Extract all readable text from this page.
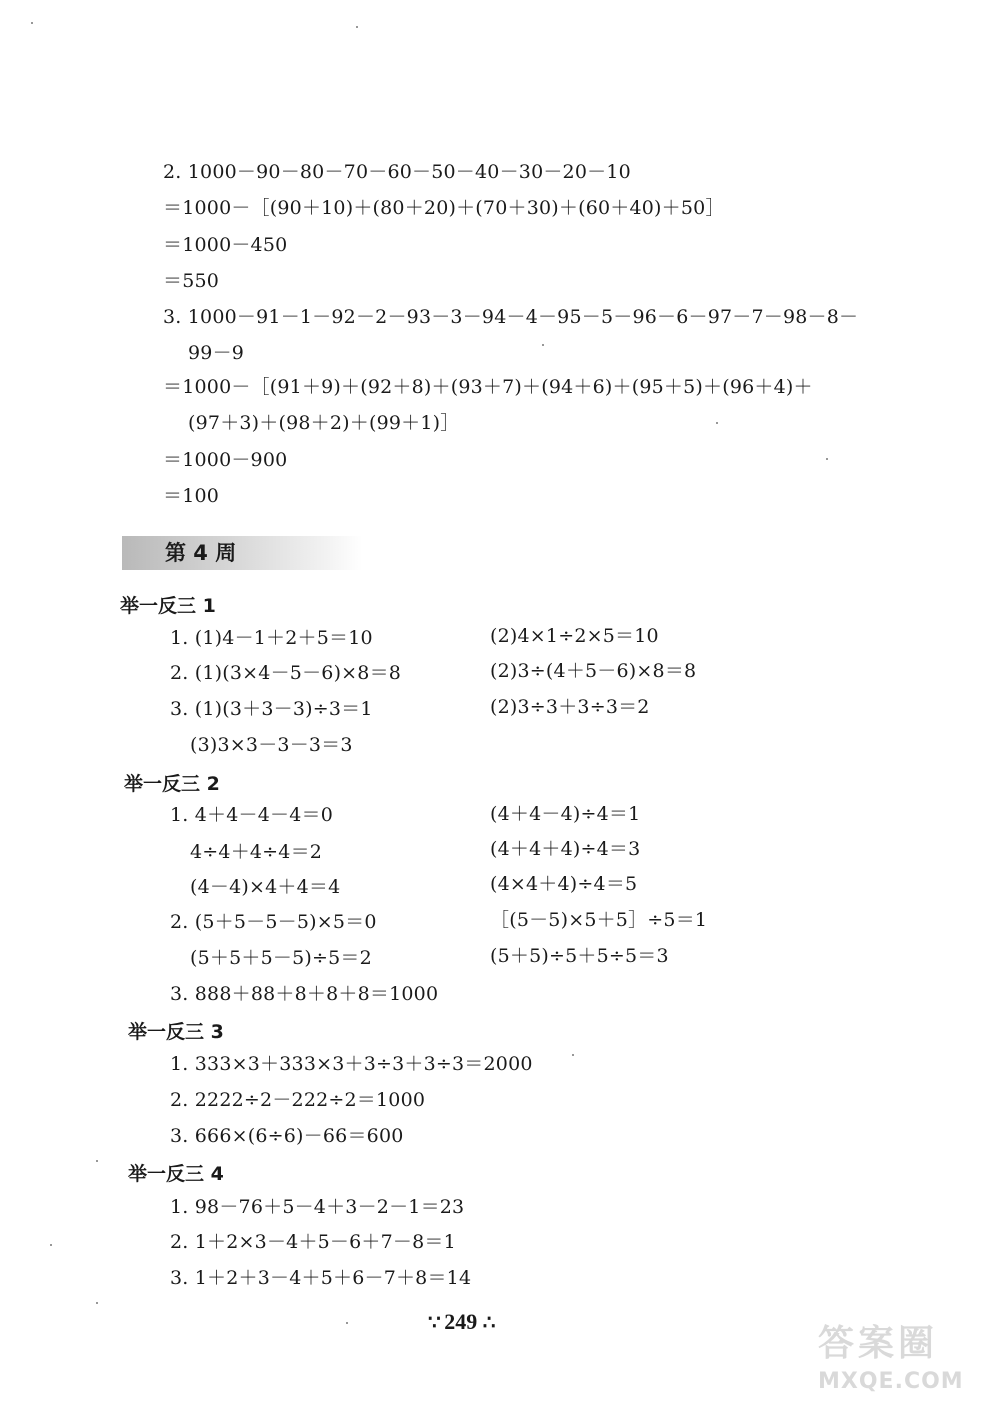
2. 1000－90－80－70－60－50－40－30－20－10
＝1000－［(90＋10)＋(80＋20)＋(70＋30)＋(60＋40)＋50］
＝1000－450
＝550
3. 1000－91－1－92－2－93－3－94－4－95－5－96－6－97－7－98－8－
99－9
＝1000－［(91＋9)＋(92＋8)＋(93＋7)＋(94＋6)＋(95＋5)＋(96＋4)＋
(97＋3)＋(98＋2)＋(99＋1)］
＝1000－900
＝100
第 4 周
举一反三 1
1. (1)4－1＋2＋5＝10	(2)4×1÷2×5＝10
2. (1)(3×4－5－6)×8＝8	(2)3÷(4＋5－6)×8＝8
3. (1)(3＋3－3)÷3＝1	(2)3÷3＋3÷3＝2
(3)3×3－3－3＝3
举一反三 2
1. 4＋4－4－4＝0	(4＋4－4)÷4＝1
4÷4＋4÷4＝2	(4＋4＋4)÷4＝3
(4－4)×4＋4＝4	(4×4＋4)÷4＝5
2. (5＋5－5－5)×5＝0	［(5－5)×5＋5］÷5＝1
(5＋5＋5－5)÷5＝2	(5＋5)÷5＋5÷5＝3
3. 888＋88＋8＋8＋8＝1000
举一反三 3
1. 333×3＋333×3＋3÷3＋3÷3＝2000
2. 2222÷2－222÷2＝1000
3. 666×(6÷6)－66＝600
举一反三 4
1. 98－76＋5－4＋3－2－1＝23
2. 1＋2×3－4＋5－6＋7－8＝1
3. 1＋2＋3－4＋5＋6－7＋8＝14
∵ 249 ∴	答案圈
MXQE.COM
